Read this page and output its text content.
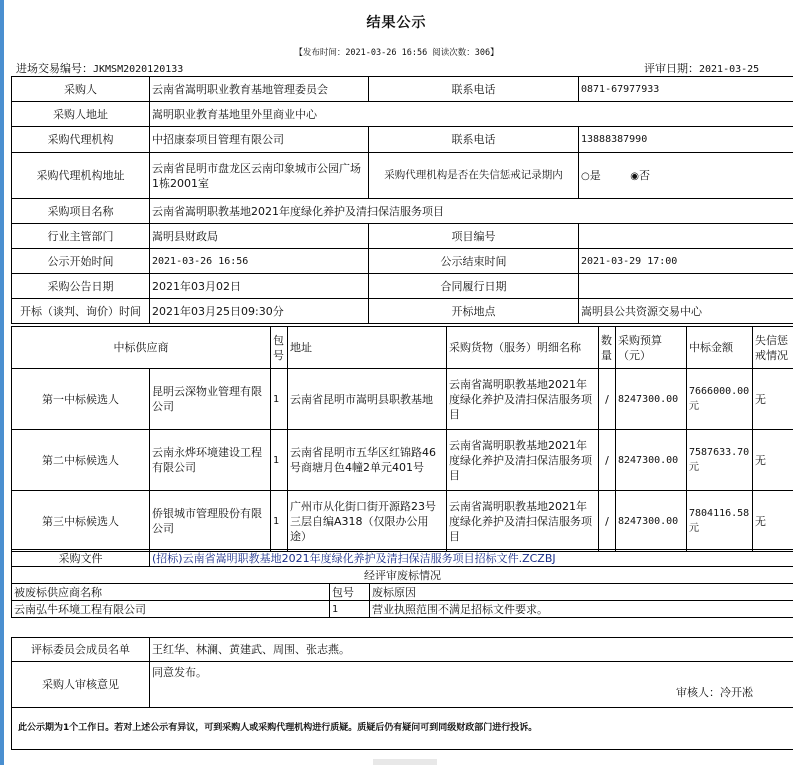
结果公示
【发布时间：2021-03-26 16:56 阅读次数：306】
进场交易编号：JKMSM2020120133	评审日期：2021-03-25
采购人	云南省嵩明职业教育基地管理委员会	联系电话	0871-67977933
采购人地址	嵩明职业教育基地里外里商业中心		
采购代理机构	中招康泰项目管理有限公司	联系电话	13888387990
采购代理机构地址	云南省昆明市盘龙区云南印象城市公园广场1栋2001室	采购代理机构是否在失信惩戒记录期内	○是 ◉否
采购项目名称	云南省嵩明职教基地2021年度绿化养护及清扫保洁服务项目		
行业主管部门	嵩明县财政局	项目编号	
公示开始时间	2021-03-26 16:56	公示结束时间	2021-03-29 17:00
采购公告日期	2021年03月02日	合同履行日期	
开标（谈判、询价）时间	2021年03月25日09:30分	开标地点	嵩明县公共资源交易中心
中标供应商		包号	地址	采购货物（服务）明细名称	数量	采购预算（元）	中标金额	失信惩戒情况
第一中标候选人	昆明云深物业管理有限公司	1	云南省昆明市嵩明县职教基地	云南省嵩明职教基地2021年度绿化养护及清扫保洁服务项目	/	8247300.00	7666000.00元	无
第二中标候选人	云南永烨环境建设工程有限公司	1	云南省昆明市五华区红锦路46号商塘月色4幢2单元401号	云南省嵩明职教基地2021年度绿化养护及清扫保洁服务项目	/	8247300.00	7587633.70元	无
第三中标候选人	侨银城市管理股份有限公司	1	广州市从化街口街开源路23号三层自编A318（仅限办公用途）	云南省嵩明职教基地2021年度绿化养护及清扫保洁服务项目	/	8247300.00	7804116.58元	无
采购文件	(招标)云南省嵩明职教基地2021年度绿化养护及清扫保洁服务项目招标文件.ZCZBJ		
经评审废标情况			
被废标供应商名称		包号	废标原因
云南弘牛环境工程有限公司		1	营业执照范围不满足招标文件要求。
评标委员会成员名单	王红华、林澜、黄建武、周围、张志燕。
采购人审核意见	同意发布。
审核人：冷开凇

此公示期为1个工作日。若对上述公示有异议，可到采购人或采购代理机构进行质疑。质疑后仍有疑问可到同级财政部门进行投诉。	
